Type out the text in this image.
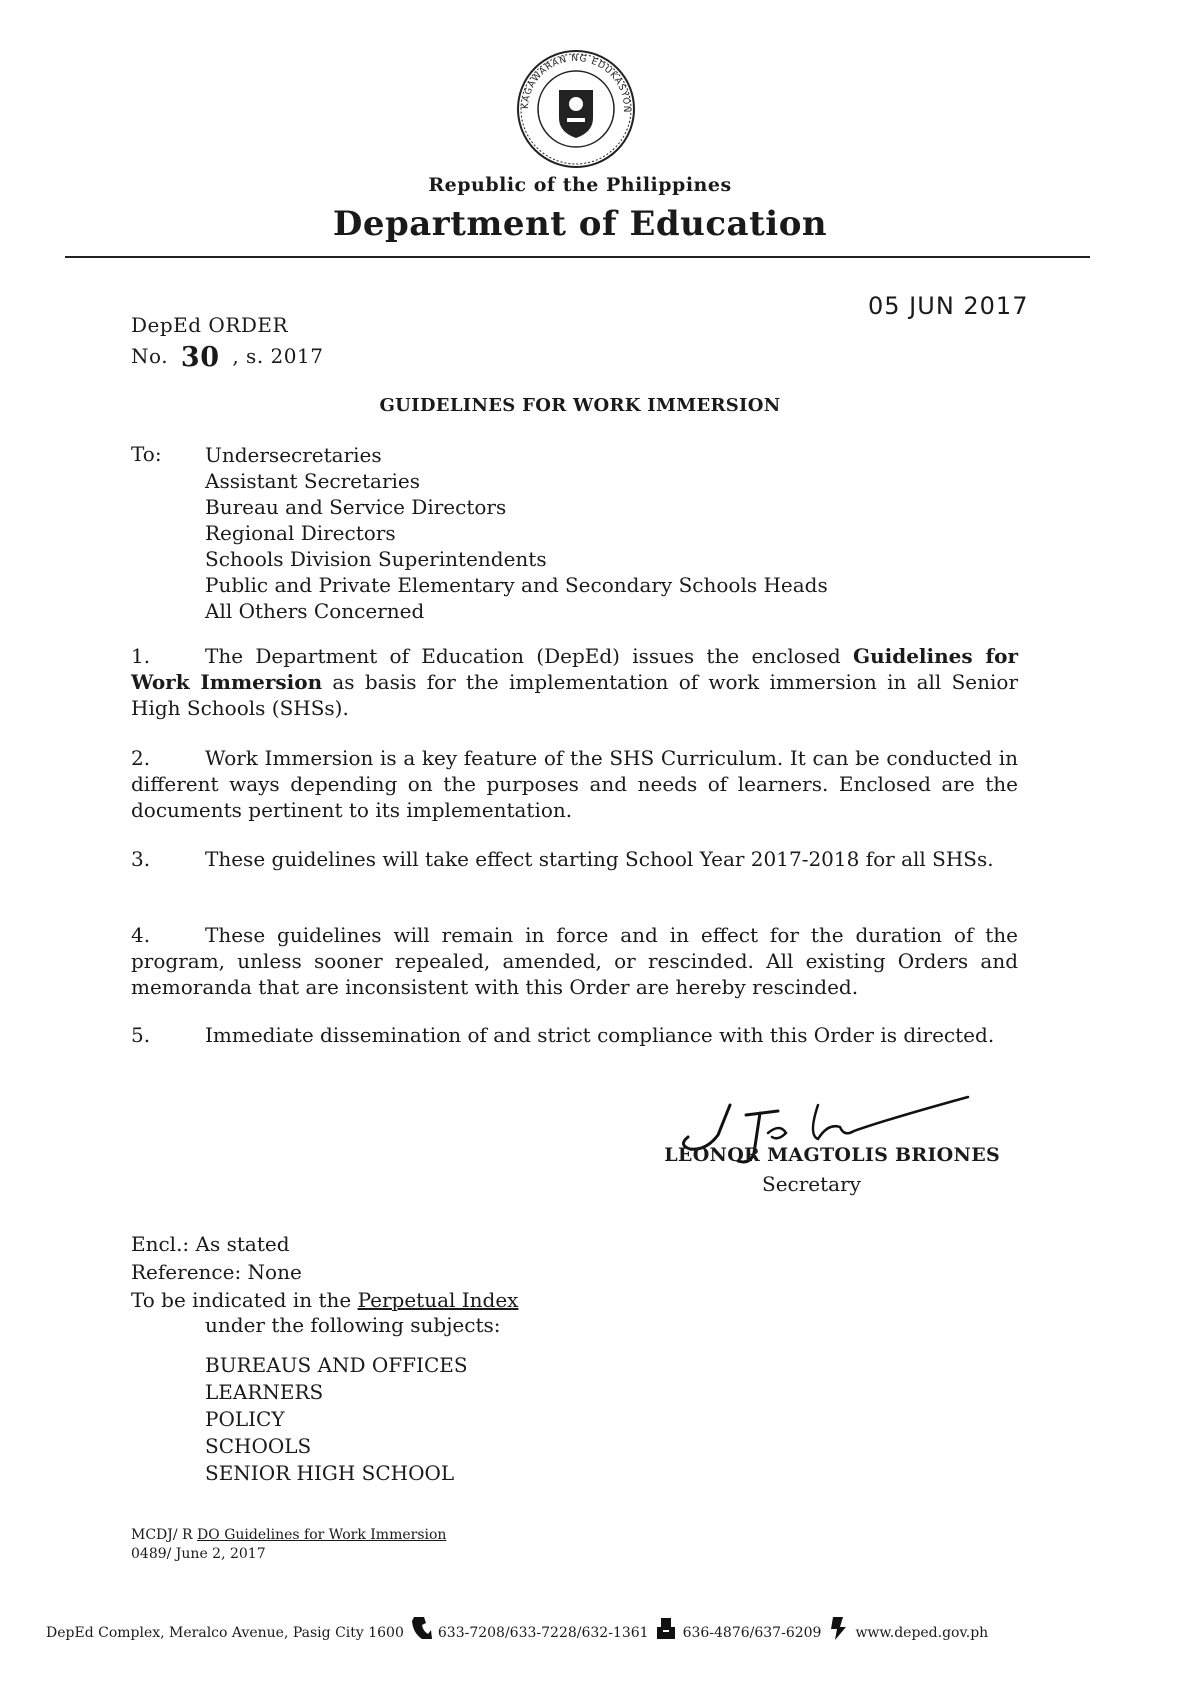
KAGAWARAN NG EDUKASYON
Republic of the Philippines
Department of Education
DepEd ORDER
No. 30 , s. 2017
05 JUN 2017
GUIDELINES FOR WORK IMMERSION
To: Undersecretaries
Assistant Secretaries
Bureau and Service Directors
Regional Directors
Schools Division Superintendents
Public and Private Elementary and Secondary Schools Heads
All Others Concerned
1.	The Department of Education (DepEd) issues the enclosed Guidelines for Work Immersion as basis for the implementation of work immersion in all Senior High Schools (SHSs).
2.	Work Immersion is a key feature of the SHS Curriculum. It can be conducted in different ways depending on the purposes and needs of learners. Enclosed are the documents pertinent to its implementation.
3.	These guidelines will take effect starting School Year 2017-2018 for all SHSs.
4.	These guidelines will remain in force and in effect for the duration of the program, unless sooner repealed, amended, or rescinded. All existing Orders and memoranda that are inconsistent with this Order are hereby rescinded.
5.	Immediate dissemination of and strict compliance with this Order is directed.
LEONOR MAGTOLIS BRIONES
Secretary
Encl.: As stated
Reference: None
To be indicated in the Perpetual Index
under the following subjects:
BUREAUS AND OFFICES
LEARNERS
POLICY
SCHOOLS
SENIOR HIGH SCHOOL
MCDJ/ R DO Guidelines for Work Immersion
0489/ June 2, 2017
DepEd Complex, Meralco Avenue, Pasig City 1600 633-7208/633-7228/632-1361 636-4876/637-6209 www.deped.gov.ph
